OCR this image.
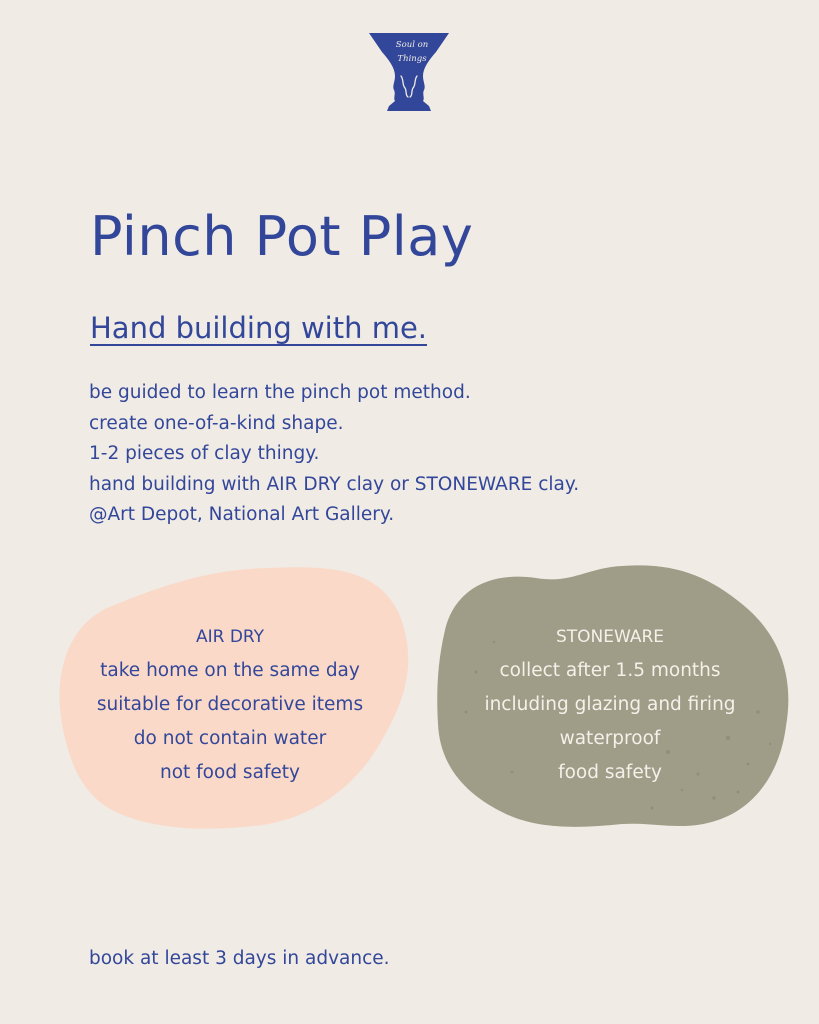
Soul on
Things
Pinch Pot Play
Hand building with me.
be guided to learn the pinch pot method.
create one-of-a-kind shape.
1-2 pieces of clay thingy.
hand building with AIR DRY clay or STONEWARE clay.
@Art Depot, National Art Gallery.
AIR DRY
take home on the same day
suitable for decorative items
do not contain water
not food safety
STONEWARE
collect after 1.5 months
including glazing and firing
waterproof
food safety

book at least 3 days in advance.
